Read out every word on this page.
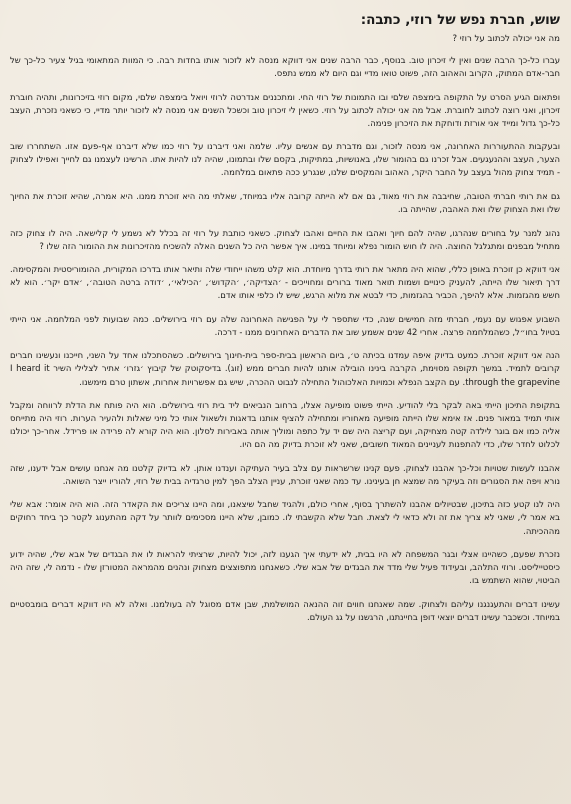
שוש, חברת נפש של רוזי, כתבה:
מה אני יכולה לכתוב על רוזי ?

עברו כל-כך הרבה שנים ואין לי זיכרון טוב. בנוסף, כבר הרבה שנים אני דווקא מנסה לא לזכור אותו בחדות רבה. כי המוות המתאומי בגיל צעיר כל-כך של חבר-אדם המתוק, הקרוב והאהוב הזה, פשוט טואו מדיי וגם היום לא ממש נתפס.

ופתאום הגיע הסרט על התקופה בימצפה שלםי ובו התמונות של רוזי החי. ומתכננים אנדרטה לרוזי ויואל בימצפה שלםי, מקום רוזי בזיכרונות, ותהיה חוברת זיכרון, ואני רוצה לכתוב לחוברת. אבל מה אני יכולה לכתוב על רוזי. כשאין לי זיכרון טוב וכשכל השנים אני מנסה לא לזכור יותר מדיי, כי כשאני נזכרת, העצב כל-כך גדול ומייד אני אורזת ודוחקת את הזיכרון פנימה.

ובעקבות ההתעוררות האחרונה, אני מנסה לזכור, וגם מדברת עם אנשים עליו. שלמה ואני דיברנו על רוזי כמו שלא דיברנו אף-פעם אזו. השתחררו שוב הצער, העצב וההנעגעים. אבל זכרנו גם בהומור שלו, באנושיות, במתיקות, בקסם שלו ובתמונו, שהיה לנו להיות אתו. הרשינו לעצמנו גם לחייך ואפילו לצחוק - תמיד צחוק מהול בעצב על החבר היקר, האהוב והמקסים שלנו, שנגרע ככה פתאום במלחמה.

גם את רותי חברתי הטובה, שחיבבה את רוזי מאוד, גם אם לא הייתה קרובה אליו במיוחד, שאלתי מה היא זוכרת ממנו. היא אמרה, שהיא זוכרת את החיוך שלו ואת הצחוק שלו ואת האהבה, שהייתה בו.

נהוג למנר על בחורים שנהרגו, שהיה להם חיוך ואהבו את החיים ואהבו לצחוק. כשאני כותבת על רוזי זה בכלל לא נשמע לי קלישאה. היה לו צחוק כזה מתחיל מבפנים ומתגלגל החוצה. היה לו חוש הומור נפלא ומיוחד במינו. איך אפשר היה כל השנים האלה להשכיח מהזיכרונות את ההומור הזה שלו ?

אני דווקא כן זוכרת באופן כללי, שהוא היה מתאר את רותי בדרך מיוחדת. הוא קלט משהו ייחודי שלה ותיאר אותו בדרכו המקורית, ההומוריסטית והמקסימה. דרך תיאור שלו הייתה, להעניק כינויים ושמות תואר מאוד ברורים ומחוייכים - ׳הצדיקה׳, ׳הקדוש׳, ׳הכילאי׳, ׳דודה ברטה הטובה׳, ׳אדם יקר׳. הוא לא חשש מהגזמות. אלא להיפך, הכביר בהגזמות, כדי לבטא את מלוא הרגש, שיש לו כלפי אותו אדם.

השבוע אפגוש עם נעמי, חברתי מזה חמישים שנה, כדי שתספר לי על הפגישה האחרונה שלה עם רוזי בירושלים. כמה שבועות לפני המלחמה. אני הייתי בטיול בחו״ל, כשהמלחמה פרצה. אחרי 42 שנים אשמע שוב את הדברים האחרונים ממנו - דרכה.

הנה אני דווקא זוכרת. כמעט בדיוק איפה עמדנו בכיתה ט׳, ביום הראשון בבית-ספר בית-חינוך בירושלים. כשהסתכלנו אחד על השני, חייכנו ונעשינו חברים קרובים לתמיד. במשך תקופה מסוימת, הקרבה בינינו הובילה אותנו להיות חברים ממש (זוג). בדיסקוטק של קיבוץ ׳גזרו׳ אתיר לצלילי השיר I heard it through the grapevine. עם הקצב הנפלא וכמויות האלכוהול התחילה לנבוט ההכרה, שיש גם אפשרויות אחרות, אשתון טרם מימשנו.

בתקופת התיכון הייתי באה לבקר בלי להודיע. הייתי פשוט מופיעה אצלו, ברחוב הנביאים ליד בית רוזי בירושלים. הוא היה פותח את הדלת לרווחה ומקבל אותי תמיד במאור פנים. אז אימא שלו הייתה מופיעה מאחוריו ומתחילה להציף אותנו בדאגות ולשאול אותי כל מיני שאלות ולהעיר הערות. רוזי היה מתייחס אליה כמו אם בוגר לילדה קטה מצחיקה, ועם קריצה היה שם יד על כתפה ומוליך אותה באבירות לסלון. הוא היה קורא לה פרידה או פרידל. אחר-כך יכולנו לכלוט לחדר שלו, כדי להתפנות לעניינים המאוד חשובים, שאני לא זוכרת בדיוק מה הם היו.

אהבנו לעשות שטויות וכל-כך אהבנו לצחוק. פעם קנינו שרשראות עם צלב בעיר העתיקה וענדנו אותן. לא בדיוק קלטנו מה אנחנו עושים אבל ידענו, שזה נורא ויפה את הסגורים וזה בעיקר מה שמצא חן בעינינו. עד כמה שאני זוכרת, עניין הצלב הפך למין טרגדיה בבית של רוזי, להוריו ייצר השואה.

היה לנו קטע כזה בתיכון, שבטיולים אהבנו להשתרך בסוף, אחרי כולם, ולהגיד שחבל שיצאנו, ומה היינו צריכים את הקאדר הזה. הוא היה אומר: אבא שלי בא אמר לי, שאני לא צריך את זה ולא כדאי לי לצאת. חבל שלא הקשבתי לו. כמובן, שלא היינו מסכימים לוותר על דקה מהתענוג לקטר כך ביחד רחוקים מההכיתה.

נזכרת שפעם, כשהיינו אצלי ובגר המשפחה לא היו בבית, לא ידעתי איך הגענו לזה, יכול להיות, שרציתי להראות לו את הבגדים של אבא שלי, שהיה ידוע כיסטייליסט. ורוזי התלהב, ובעידוד פעיל שלי מדד את הבגדים של אבא שלי. כשאנחנו מתפוצצים מצחוק ונהנים מהמראה המטורזן שלו - נדמה לי, שזה היה הביטוי, שהוא השתמש בו.

עשינו דברים והתעגנגנו עליהם ולצחוק. שמה שאנחנו חווים זוה ההנאה המושלמת, שבן אדם מסוגל לה בעולמנו. ואלה לא היו דווקא דברים בומבסטיים במיוחד. וכשכבר עשינו דברים יוצאי דופן בחיינתנו, הרגשנו על גג העולם.
